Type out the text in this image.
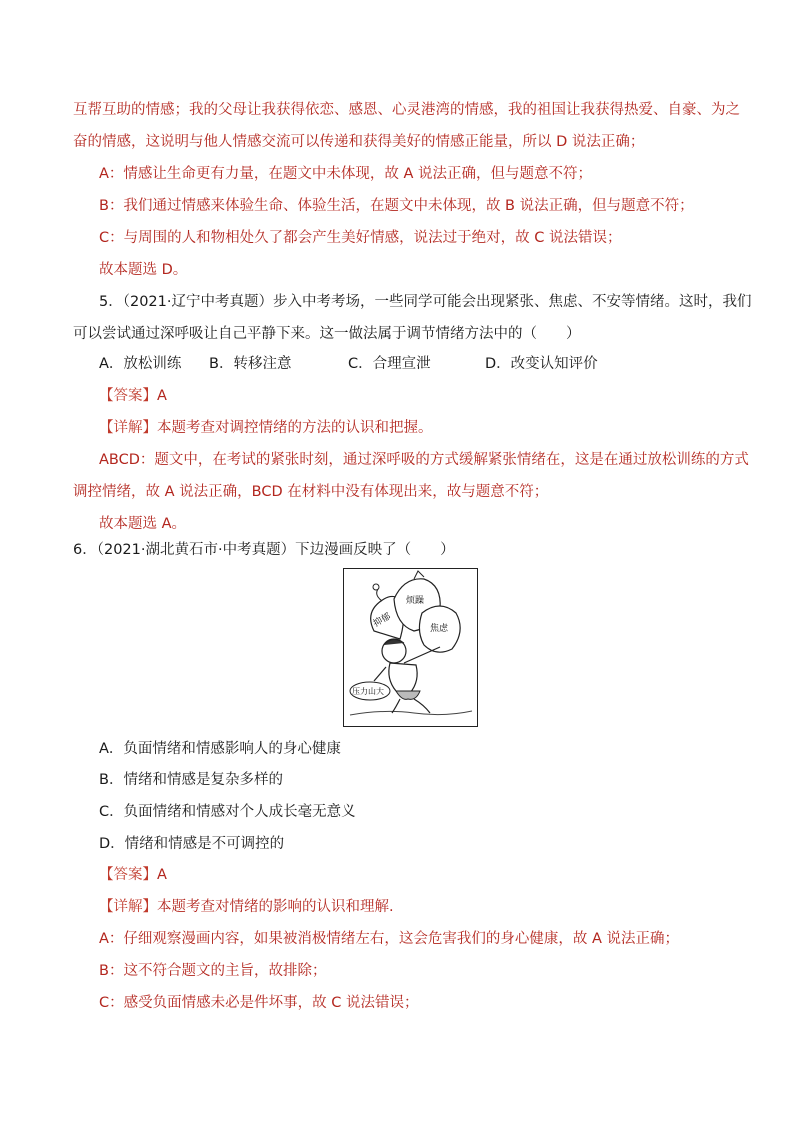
互帮互助的情感；我的父母让我获得依恋、感恩、心灵港湾的情感，我的祖国让我获得热爱、自豪、为之
奋的情感，这说明与他人情感交流可以传递和获得美好的情感正能量，所以 D 说法正确；
A：情感让生命更有力量，在题文中未体现，故 A 说法正确，但与题意不符；
B：我们通过情感来体验生命、体验生活，在题文中未体现，故 B 说法正确，但与题意不符；
C：与周围的人和物相处久了都会产生美好情感，说法过于绝对，故 C 说法错误；
故本题选 D。
5．（2021·辽宁中考真题）步入中考考场，一些同学可能会出现紧张、焦虑、不安等情绪。这时，我们
可以尝试通过深呼吸让自己平静下来。这一做法属于调节情绪方法中的（　　）
A．放松训练 B．转移注意	C．合理宣泄	D．改变认知评价
【答案】A
【详解】本题考查对调控情绪的方法的认识和把握。
ABCD：题文中，在考试的紧张时刻，通过深呼吸的方式缓解紧张情绪在，这是在通过放松训练的方式
调控情绪，故 A 说法正确，BCD 在材料中没有体现出来，故与题意不符；
故本题选 A。
6．（2021·湖北黄石市·中考真题）下边漫画反映了（　　）
烦躁
抑郁	焦虑
压力山大
A．负面情绪和情感影响人的身心健康
B．情绪和情感是复杂多样的
C．负面情绪和情感对个人成长毫无意义
D．情绪和情感是不可调控的
【答案】A
【详解】本题考查对情绪的影响的认识和理解.
A：仔细观察漫画内容，如果被消极情绪左右，这会危害我们的身心健康，故 A 说法正确；
B：这不符合题文的主旨，故排除；
C：感受负面情感未必是件坏事，故 C 说法错误；
